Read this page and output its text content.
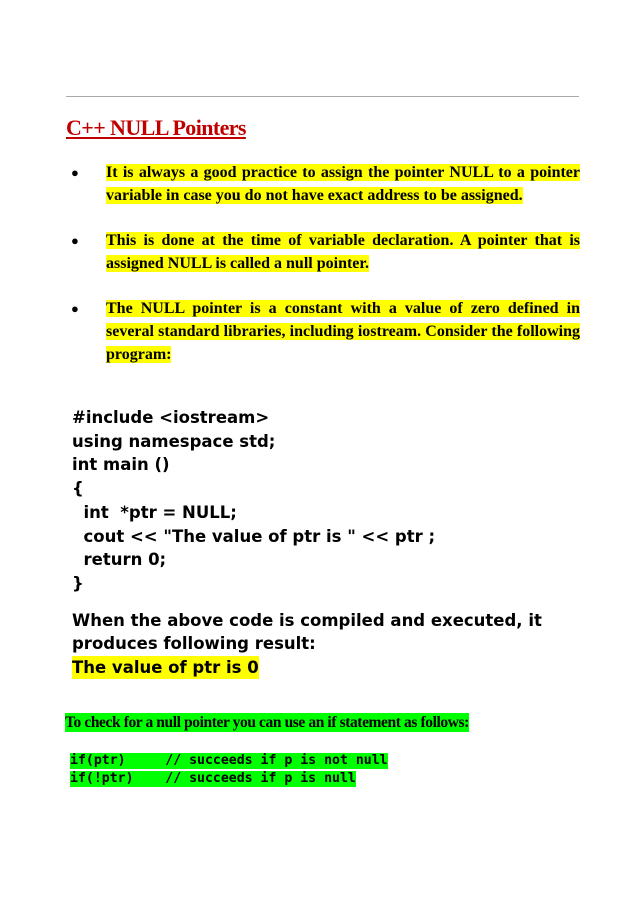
C++ NULL Pointers
● It is always a good practice to assign the pointer NULL to a pointer variable in case you do not have exact address to be assigned.
● This is done at the time of variable declaration. A pointer that is assigned NULL is called a null pointer.
● The NULL pointer is a constant with a value of zero defined in several standard libraries, including iostream. Consider the following program:
#include <iostream>
using namespace std;
int main ()
{
int  *ptr = NULL;
cout << "The value of ptr is " << ptr ;
return 0;
}
When the above code is compiled and executed, it produces following result:
The value of ptr is 0
To check for a null pointer you can use an if statement as follows:
if(ptr)     // succeeds if p is not null
if(!ptr)    // succeeds if p is null
